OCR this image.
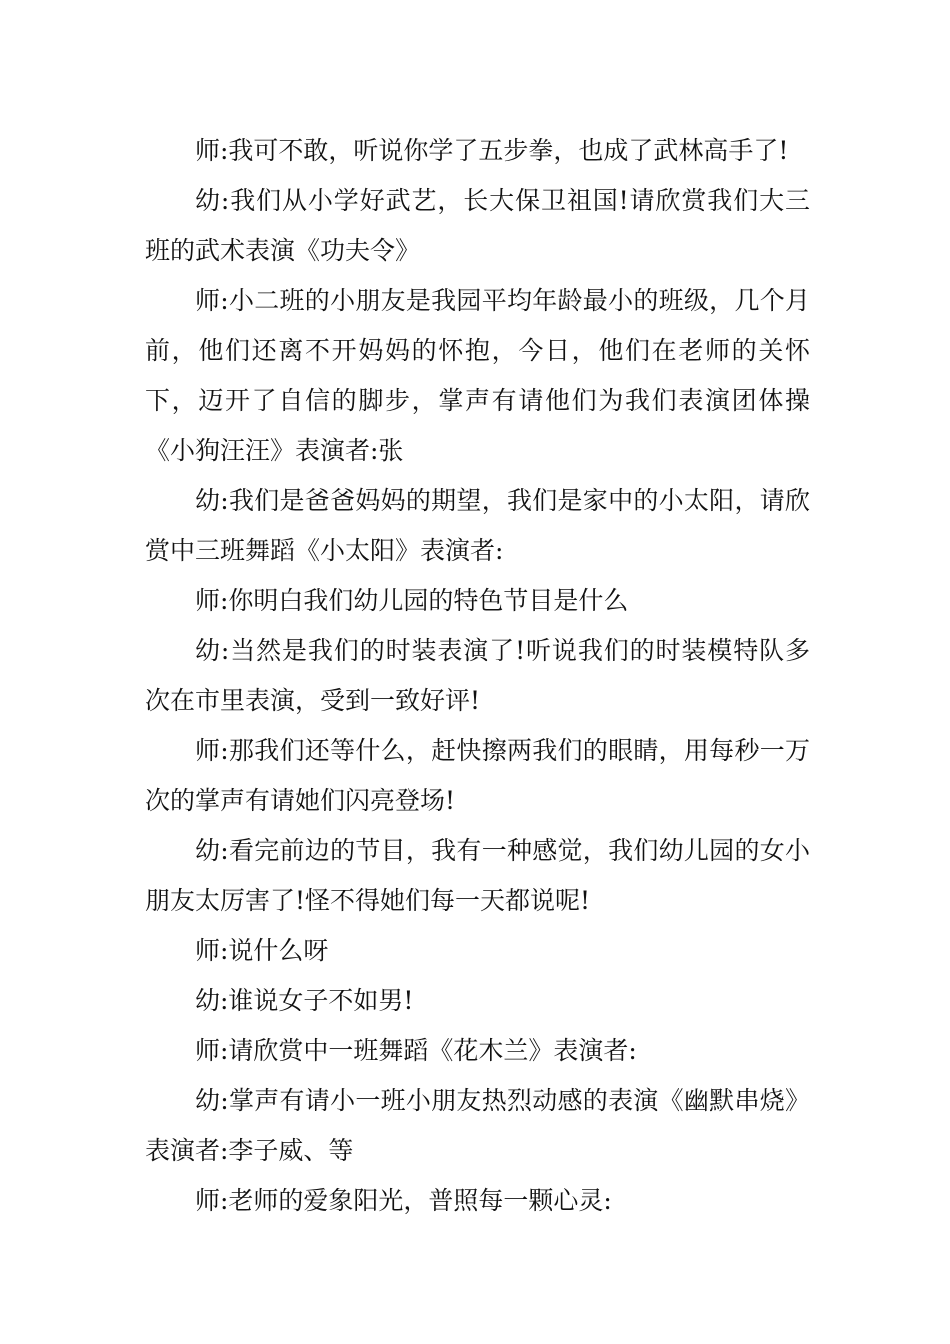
师:我可不敢，听说你学了五步拳，也成了武林高手了!

幼:我们从小学好武艺，长大保卫祖国!请欣赏我们大三班的武术表演《功夫令》

师:小二班的小朋友是我园平均年龄最小的班级，几个月前，他们还离不开妈妈的怀抱，今日，他们在老师的关怀下，迈开了自信的脚步，掌声有请他们为我们表演团体操《小狗汪汪》表演者:张

幼:我们是爸爸妈妈的期望，我们是家中的小太阳，请欣赏中三班舞蹈《小太阳》表演者:

师:你明白我们幼儿园的特色节目是什么

幼:当然是我们的时装表演了!听说我们的时装模特队多次在市里表演，受到一致好评!

师:那我们还等什么，赶快擦两我们的眼睛，用每秒一万次的掌声有请她们闪亮登场!

幼:看完前边的节目，我有一种感觉，我们幼儿园的女小朋友太厉害了!怪不得她们每一天都说呢!

师:说什么呀

幼:谁说女子不如男!

师:请欣赏中一班舞蹈《花木兰》表演者:

幼:掌声有请小一班小朋友热烈动感的表演《幽默串烧》表演者:李子威、等

师:老师的爱象阳光，普照每一颗心灵:
